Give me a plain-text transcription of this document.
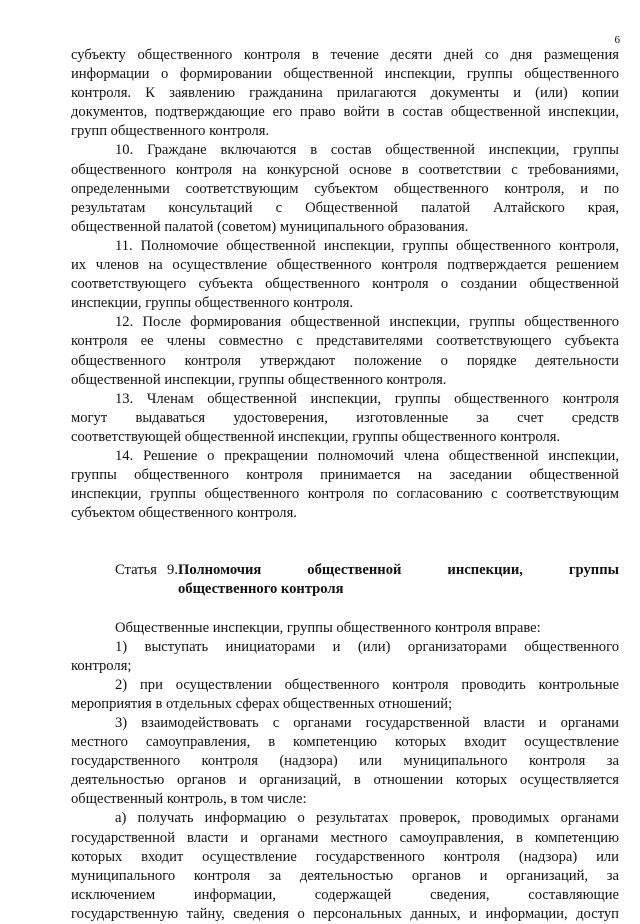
6

субъекту общественного контроля в течение десяти дней со дня размещения

информации о формировании общественной инспекции, группы общественного

контроля. К заявлению гражданина прилагаются документы и (или) копии

документов, подтверждающие его право войти в состав общественной инспекции,

групп общественного контроля.

10. Граждане включаются в состав общественной инспекции, группы

общественного контроля на конкурсной основе в соответствии с требованиями,

определенными соответствующим субъектом общественного контроля, и по

результатам консультаций с Общественной палатой Алтайского края,

общественной палатой (советом) муниципального образования.

11. Полномочие общественной инспекции, группы общественного контроля,

их членов на осуществление общественного контроля подтверждается решением

соответствующего субъекта общественного контроля о создании общественной

инспекции, группы общественного контроля.

12. После формирования общественной инспекции, группы общественного

контроля ее члены совместно с представителями соответствующего субъекта

общественного контроля утверждают положение о порядке деятельности

общественной инспекции, группы общественного контроля.

13. Членам общественной инспекции, группы общественного контроля

могут выдаваться удостоверения, изготовленные за счет средств

соответствующей общественной инспекции, группы общественного контроля.

14. Решение о прекращении полномочий члена общественной инспекции,

группы общественного контроля принимается на заседании общественной

инспекции, группы общественного контроля по согласованию с соответствующим

субъектом общественного контроля.

Статья 9. Полномочия общественной инспекции, группы
общественного контроля

Общественные инспекции, группы общественного контроля вправе:

1) выступать инициаторами и (или) организаторами общественного

контроля;

2) при осуществлении общественного контроля проводить контрольные

мероприятия в отдельных сферах общественных отношений;

3) взаимодействовать с органами государственной власти и органами

местного самоуправления, в компетенцию которых входит осуществление

государственного контроля (надзора) или муниципального контроля за

деятельностью органов и организаций, в отношении которых осуществляется

общественный контроль, в том числе:

а) получать информацию о результатах проверок, проводимых органами

государственной власти и органами местного самоуправления, в компетенцию

которых входит осуществление государственного контроля (надзора) или

муниципального контроля за деятельностью органов и организаций, за

исключением информации, содержащей сведения, составляющие

государственную тайну, сведения о персональных данных, и информации, доступ
